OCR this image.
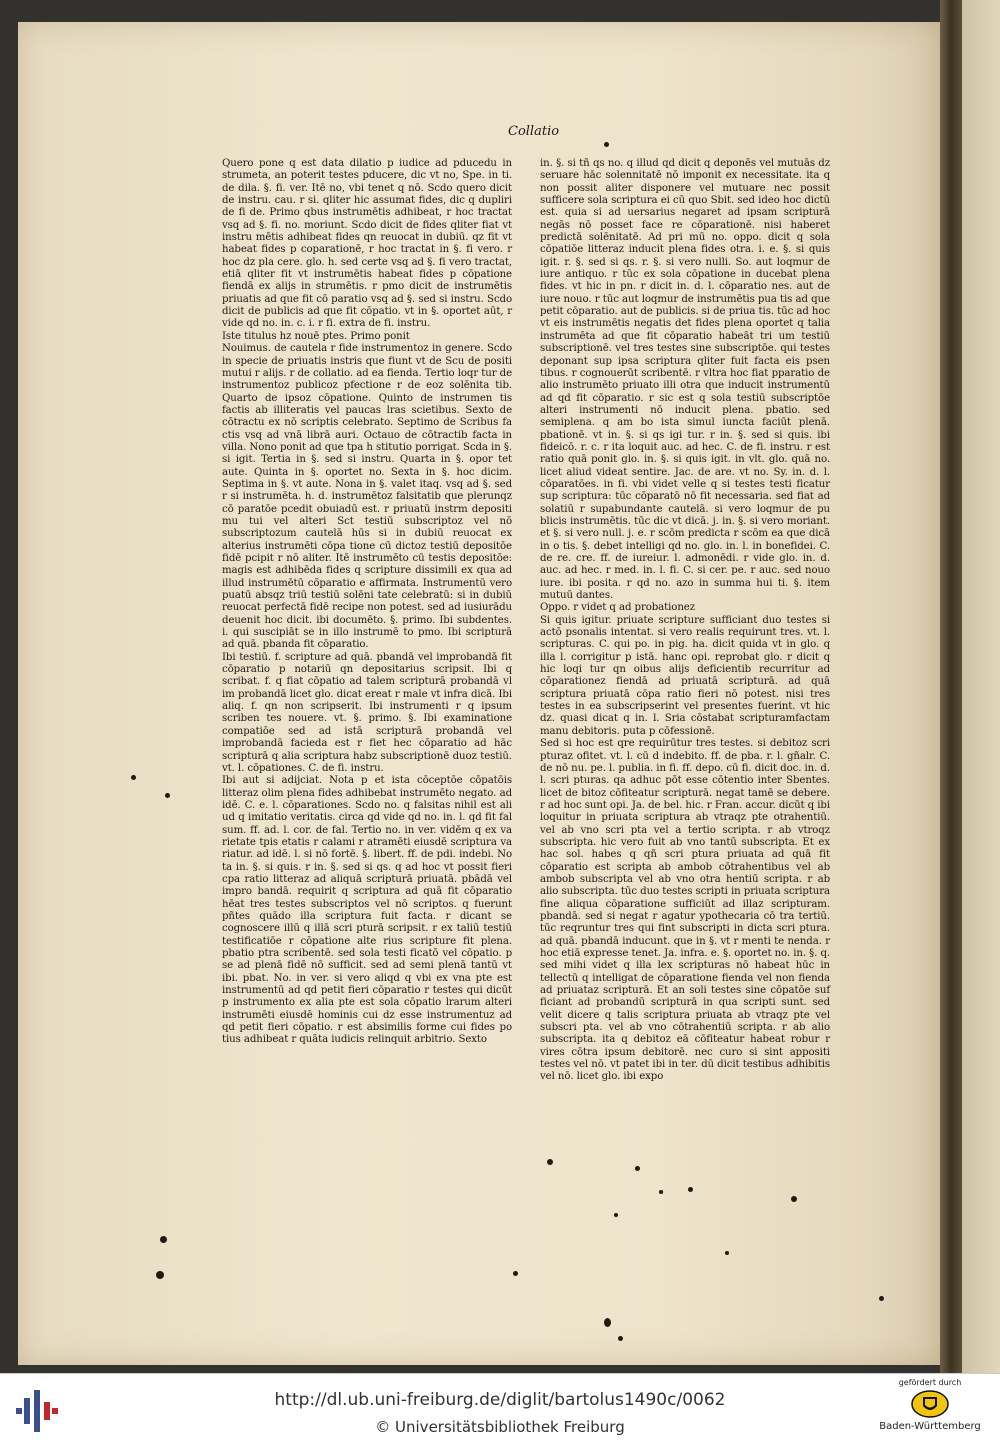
Collatio
Quero pone q est data dilatio p iudice ad pducedu in strumeta, an poterit testes pducere, dic vt no, Spe. in ti. de dila. §. fi. ver. Itē no, vbi tenet q nō. Scdo quero dicit de instru. cau. r si. qliter hic assumat fides, dic q dupliri de fi de. Primo qbus instrumētis adhibeat, r hoc tractat vsq ad §. fi. no. moriunt. Scdo dicit de fides qliter fiat vt instru mētis adhibeat fides qn reuocat in dubiū. qz fit vt habeat fides p coparationē, r hoc tractat in §. fi vero. r hoc dz pla cere. glo. h. sed certe vsq ad §. fi vero tractat, etiā qliter fit vt instrumētis habeat fides p cōpatione fiendā ex alijs in strumētis. r pmo dicit de instrumētis priuatis ad que fit cō paratio vsq ad §. sed si instru. Scdo dicit de publicis ad que fit cōpatio. vt in §. oportet aūt, r vide qd no. in. c. i. r fi. extra de fi. instru.
Iste titulus hz nouē ptes. Primo ponit
Nouimus. de cautela r fide instrumentoz in genere. Scdo in specie de priuatis instris que fiunt vt de Scu de positi mutui r alijs. r de collatio. ad ea fienda. Tertio loqr tur de instrumentoz publicoz pfectione r de eoz solēnita tib. Quarto de ipsoz cōpatione. Quinto de instrumen tis factis ab illiteratis vel paucas lras scietibus. Sexto de cōtractu ex nō scriptis celebrato. Septimo de Scribus fa ctis vsq ad vnā librā auri. Octauo de cōtractib facta in villa. Nono ponit ad que tpa h stitutio porrigat. Scda in §. si igit. Tertia in §. sed si instru. Quarta in §. opor tet aute. Quinta in §. oportet no. Sexta in §. hoc dicim. Septima in §. vt aute. Nona in §. valet itaq. vsq ad §. sed r si instrumēta. h. d. instrumētoz falsitatib que plerunqz cō paratōe pcedit obuiadū est. r priuatū instrm depositi mu tui vel alteri Sct testiū subscriptoz vel nō subscriptozum cautelā hūs si in dubiū reuocat ex alterius instrumēti cōpa tione cū dictoz testiū depositōe fidē pcipit r nō aliter. Itē instrumēto cū testis depositōe: magis est adhibēda fides q scripture dissimili ex qua ad illud instrumētū cōparatio e affirmata. Instrumentū vero puatū absqz triū testiū solēni tate celebratū: si in dubiū reuocat perfectā fidē recipe non potest. sed ad iusiurādu deuenit hoc dicit. ibi documēto. §. primo. Ibi subdentes. i. qui suscipiāt se in illo instrumē to pmo. Ibi scripturā ad quā. pbanda fit cōparatio.
Ibi testiū. f. scripture ad quā. pbandā vel improbandā fit cōparatio p notariū qn depositarius scripsit. Ibi q scribat. f. q fiat cōpatio ad talem scripturā probandā vl im probandā licet glo. dicat ereat r male vt infra dicā. Ibi aliq. f. qn non scripserit. Ibi instrumenti r q ipsum scriben tes nouere. vt. §. primo. §. Ibi examinatione compatiōe sed ad istā scripturā probandā vel improbandā facieda est r fiet hec cōparatio ad hāc scripturā q alia scriptura habz subscriptionē duoz testiū. vt. l. cōpationes. C. de fi. instru.
Ibi aut si adijciat. Nota p et ista cōceptōe cōpatōis litteraz olim plena fides adhibebat instrumēto negato. ad idē. C. e. l. cōparationes. Scdo no. q falsitas nihil est ali ud q imitatio veritatis. circa qd vide qd no. in. l. qd fit fal sum. ff. ad. l. cor. de fal. Tertio no. in ver. vidēm q ex va rietate tpis etatis r calami r atramēti eiusdē scriptura va riatur. ad idē. l. si nō fortē. §. libert. ff. de pdi. indebi. No ta in. §. si quis. r in. §. sed si qs. q ad hoc vt possit fieri cpa ratio litteraz ad aliquā scripturā priuatā. pbādā vel impro bandā. requirit q scriptura ad quā fit cōparatio hēat tres testes subscriptos vel nō scriptos. q fuerunt pñtes quādo illa scriptura fuit facta. r dicant se cognoscere illū q illā scri pturā scripsit. r ex taliū testiū testificatiōe r cōpatione alte rius scripture fit plena. pbatio ptra scribentē. sed sola testi ficatō vel cōpatio. p se ad plenā fidē nō sufficit. sed ad semi plenā tantū vt ibi. pbat. No. in ver. si vero aliqd q vbi ex vna pte est instrumentū ad qd petit fieri cōparatio r testes qui dicūt p instrumento ex alia pte est sola cōpatio lrarum alteri instrumēti eiusdē hominis cui dz esse instrumentuz ad qd petit fieri cōpatio. r est absimilis forme cui fides po tius adhibeat r quāta iudicis relinquit arbitrio. Sexto
in. §. si tñ qs no. q illud qd dicit q deponēs vel mutuās dz seruare hāc solennitatē nō imponit ex necessitate. ita q non possit aliter disponere vel mutuare nec possit sufficere sola scriptura ei cū quo Sbit. sed ideo hoc dictū est. quia si ad uersarius negaret ad ipsam scripturā negās nō posset face re cōparationē. nisi haberet predictā solēnitatē. Ad pri mū no. oppo. dicit q sola cōpatiōe litteraz inducit plena fides otra. i. e. §. si quis igit. r. §. sed si qs. r. §. si vero nulli. So. aut loqmur de iure antiquo. r tūc ex sola cōpatione in ducebat plena fides. vt hic in pn. r dicit in. d. l. cōparatio nes. aut de iure nouo. r tūc aut loqmur de instrumētis pua tis ad que petit cōparatio. aut de publicis. si de priua tis. tūc ad hoc vt eis instrumētis negatis det fides plena oportet q talia instrumēta ad que fit cōparatio habeāt tri um testiū subscriptionē. vel tres testes sine subscriptōe. qui testes deponant sup ipsa scriptura qliter fuit facta eis psen tibus. r cognouerūt scribentē. r vltra hoc fiat pparatio de alio instrumēto priuato illi otra que inducit instrumentū ad qd fit cōparatio. r sic est q sola testiū subscriptōe alteri instrumenti nō inducit plena. pbatio. sed semiplena. q am bo ista simul iuncta faciūt plenā. pbationē. vt in. §. si qs igi tur. r in. §. sed si quis. ibi fideicō. r. c. r ita loquit auc. ad hec. C. de fi. instru. r est ratio quā ponit glo. in. §. si quis igit. in vlt. glo. quā no. licet aliud videat sentire. Jac. de are. vt no. Sy. in. d. l. cōparatōes. in fi. vbi videt velle q si testes testi ficatur sup scriptura: tūc cōparatō nō fit necessaria. sed fiat ad solatiū r supabundante cautelā. si vero loqmur de pu blicis instrumētis. tūc dic vt dicā. j. in. §. si vero moriant. et §. si vero null. j. e. r scōm predicta r scōm ea que dicā in o tis. §. debet intelligi qd no. glo. in. l. in bonefidei. C. de re. cre. ff. de iureiur. l. admonēdi. r vide glo. in. d. auc. ad hec. r med. in. l. fi. C. si cer. pe. r auc. sed nouo iure. ibi posita. r qd no. azo in summa hui ti. §. item mutuū dantes.
Oppo. r videt q ad probationez
Si quis igitur. priuate scripture sufficiant duo testes si actō psonalis intentat. si vero realis requirunt tres. vt. l. scripturas. C. qui po. in pig. ha. dicit quida vt in glo. q illa l. corrigitur p istā. hanc opi. reprobat glo. r dicit q hic loqi tur qn oibus alijs deficientib recurritur ad cōparationez fiendā ad priuatā scripturā. ad quā scriptura priuatā cōpa ratio fieri nō potest. nisi tres testes in ea subscripserint vel presentes fuerint. vt hic dz. quasi dicat q in. l. Sria cōstabat scripturamfactam manu debitoris. puta p cōfessionē.
Sed si hoc est qre requirūtur tres testes. si debitoz scri pturaz ofitet. vt. l. cū d indebito. ff. de pba. r. l. gñalr. C. de nō nu. pe. l. publia. in fi. ff. depo. cū fi. dicit doc. in. d. l. scri pturas. qa adhuc pōt esse cōtentio inter Sbentes. licet de bitoz cōfiteatur scripturā. negat tamē se debere. r ad hoc sunt opi. Ja. de bel. hic. r Fran. accur. dicūt q ibi loquitur in priuata scriptura ab vtraqz pte otrahentiū. vel ab vno scri pta vel a tertio scripta. r ab vtroqz subscripta. hic vero fuit ab vno tantū subscripta. Et ex hac sol. habes q qñ scri ptura priuata ad quā fit cōparatio est scripta ab ambob cōtrahentibus vel ab ambob subscripta vel ab vno otra hentiū scripta. r ab alio subscripta. tūc duo testes scripti in priuata scriptura fine aliqua cōparatione sufficiūt ad illaz scripturam. pbandā. sed si negat r agatur ypothecaria cō tra tertiū. tūc reqruntur tres qui fint subscripti in dicta scri ptura. ad quā. pbandā inducunt. que in §. vt r menti te nenda. r hoc etiā expresse tenet. Ja. infra. e. §. oportet no. in. §. q. sed mihi videt q illa lex scripturas nō habeat hūc in tellectū q intelligat de cōparatione fienda vel non fienda ad priuataz scripturā. Et an soli testes sine cōpatōe suf ficiant ad probandū scripturā in qua scripti sunt. sed velit dicere q talis scriptura priuata ab vtraqz pte vel subscri pta. vel ab vno cōtrahentiū scripta. r ab alio subscripta. ita q debitoz eā cōfiteatur habeat robur r vires cōtra ipsum debitorē. nec curo si sint appositi testes vel nō. vt patet ibi in ter. dū dicit testibus adhibitis vel nō. licet glo. ibi expo
http://dl.ub.uni-freiburg.de/diglit/bartolus1490c/0062
© Universitätsbibliothek Freiburg
gefördert durch
Baden-Württemberg
